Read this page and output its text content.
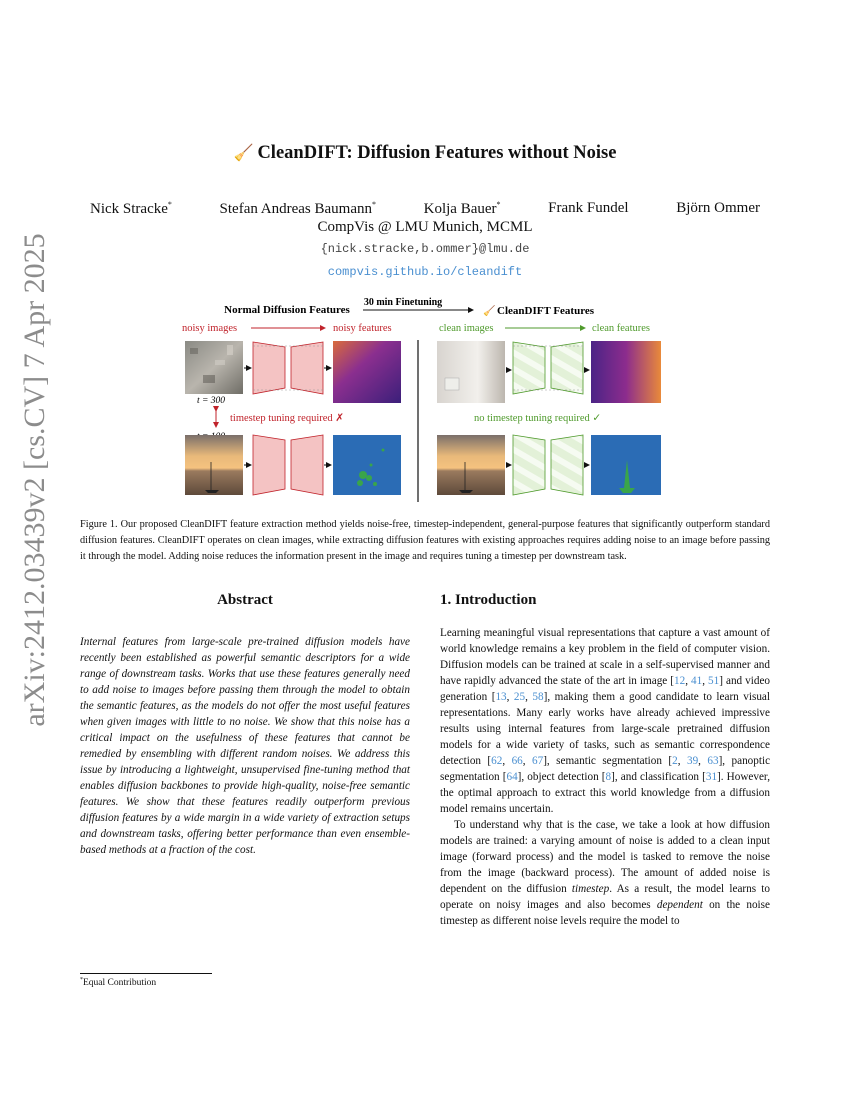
arXiv:2412.03439v2 [cs.CV] 7 Apr 2025
🧹 CleanDIFT: Diffusion Features without Noise
Nick Stracke*	Stefan Andreas Baumann*	Kolja Bauer*	Frank Fundel	Björn Ommer
CompVis @ LMU Munich, MCML
{nick.stracke,b.ommer}@lmu.de
compvis.github.io/cleandift
Normal Diffusion Features
30 min Finetuning
🧹 CleanDIFT Features
noisy images	noisy features	clean images	clean features
t = 300
timestep tuning required ✗	no timestep tuning required ✓
Figure 1. Our proposed CleanDIFT feature extraction method yields noise-free, timestep-independent, general-purpose features that significantly outperform standard diffusion features. CleanDIFT operates on clean images, while extracting diffusion features with existing approaches requires adding noise to an image before passing it through the model. Adding noise reduces the information present in the image and requires tuning a timestep per downstream task.
Abstract
Internal features from large-scale pre-trained diffusion models have recently been established as powerful semantic descriptors for a wide range of downstream tasks. Works that use these features generally need to add noise to images before passing them through the model to obtain the semantic features, as the models do not offer the most useful features when given images with little to no noise. We show that this noise has a critical impact on the usefulness of these features that cannot be remedied by ensembling with different random noises. We address this issue by introducing a lightweight, unsupervised fine-tuning method that enables diffusion backbones to provide high-quality, noise-free semantic features. We show that these features readily outperform previous diffusion features by a wide margin in a wide variety of extraction setups and downstream tasks, offering better performance than even ensemble-based methods at a fraction of the cost.
1. Introduction

Learning meaningful visual representations that capture a vast amount of world knowledge remains a key problem in the field of computer vision. Diffusion models can be trained at scale in a self-supervised manner and have rapidly advanced the state of the art in image [12, 41, 51] and video generation [13, 25, 58], making them a good candidate to learn visual representations. Many early works have already achieved impressive results using internal features from large-scale pretrained diffusion models for a wide variety of tasks, such as semantic correspondence detection [62, 66, 67], semantic segmentation [2, 39, 63], panoptic segmentation [64], object detection [8], and classification [31]. However, the optimal approach to extract this world knowledge from a diffusion model remains uncertain.

To understand why that is the case, we take a look at how diffusion models are trained: a varying amount of noise is added to a clean input image (forward process) and the model is tasked to remove the noise from the image (backward process). The amount of added noise is dependent on the diffusion timestep. As a result, the model learns to operate on noisy images and also becomes dependent on the noise timestep as different noise levels require the model to

*Equal Contribution
